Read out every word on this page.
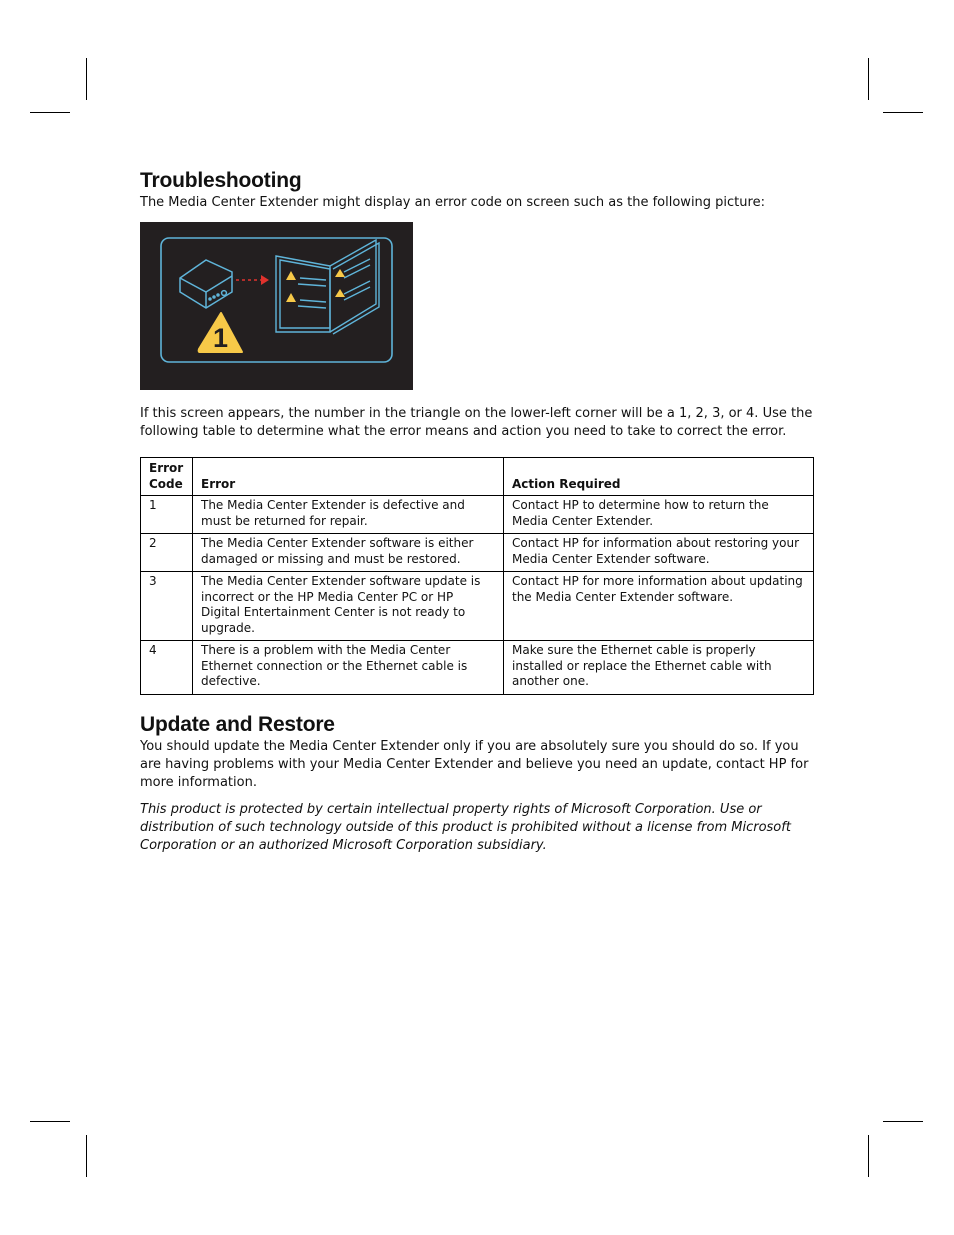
Troubleshooting

The Media Center Extender might display an error code on screen such as the following picture:

1

If this screen appears, the number in the triangle on the lower-left corner will be a 1, 2, 3, or 4. Use the following table to determine what the error means and action you need to take to correct the error.

Error Code	Error	Action Required
1	The Media Center Extender is defective and must be returned for repair.	Contact HP to determine how to return the Media Center Extender.
2	The Media Center Extender software is either damaged or missing and must be restored.	Contact HP for information about restoring your Media Center Extender software.
3	The Media Center Extender software update is incorrect or the HP Media Center PC or HP Digital Entertainment Center is not ready to upgrade.	Contact HP for more information about updating the Media Center Extender software.
4	There is a problem with the Media Center Ethernet connection or the Ethernet cable is defective.	Make sure the Ethernet cable is properly installed or replace the Ethernet cable with another one.
Update and Restore

You should update the Media Center Extender only if you are absolutely sure you should do so. If you are having problems with your Media Center Extender and believe you need an update, contact HP for more information.

This product is protected by certain intellectual property rights of Microsoft Corporation. Use or distribution of such technology outside of this product is prohibited without a license from Microsoft Corporation or an authorized Microsoft Corporation subsidiary.
